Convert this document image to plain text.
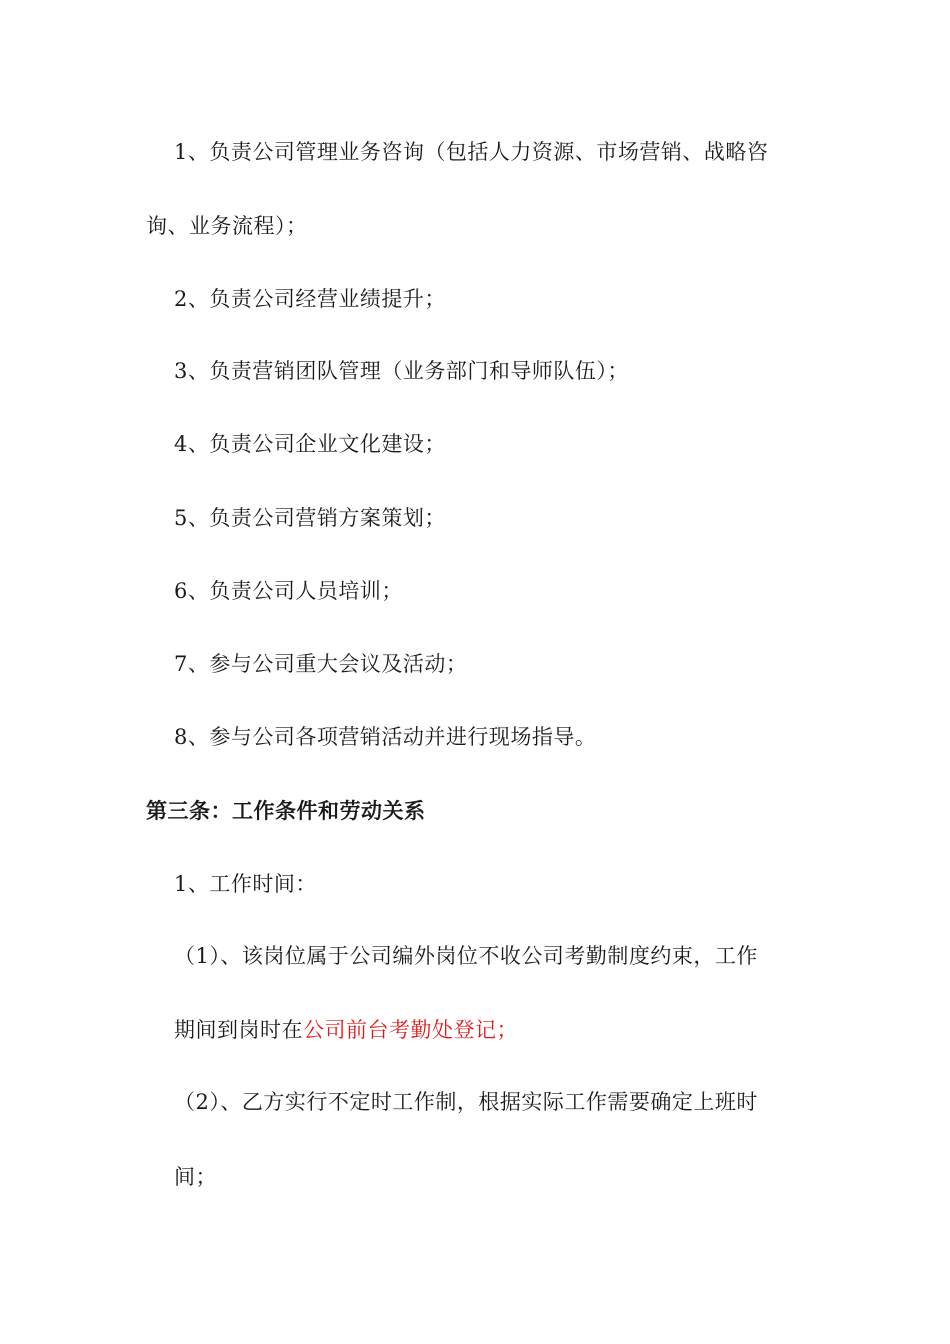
1、负责公司管理业务咨询（包括人力资源、市场营销、战略咨
询、业务流程）；
2、负责公司经营业绩提升；
3、负责营销团队管理（业务部门和导师队伍）；
4、负责公司企业文化建设；
5、负责公司营销方案策划；
6、负责公司人员培训；
7、参与公司重大会议及活动；
8、参与公司各项营销活动并进行现场指导。
第三条：工作条件和劳动关系
1、工作时间：
（1）、该岗位属于公司编外岗位不收公司考勤制度约束，工作
期间到岗时在公司前台考勤处登记；
（2）、乙方实行不定时工作制，根据实际工作需要确定上班时
间；
